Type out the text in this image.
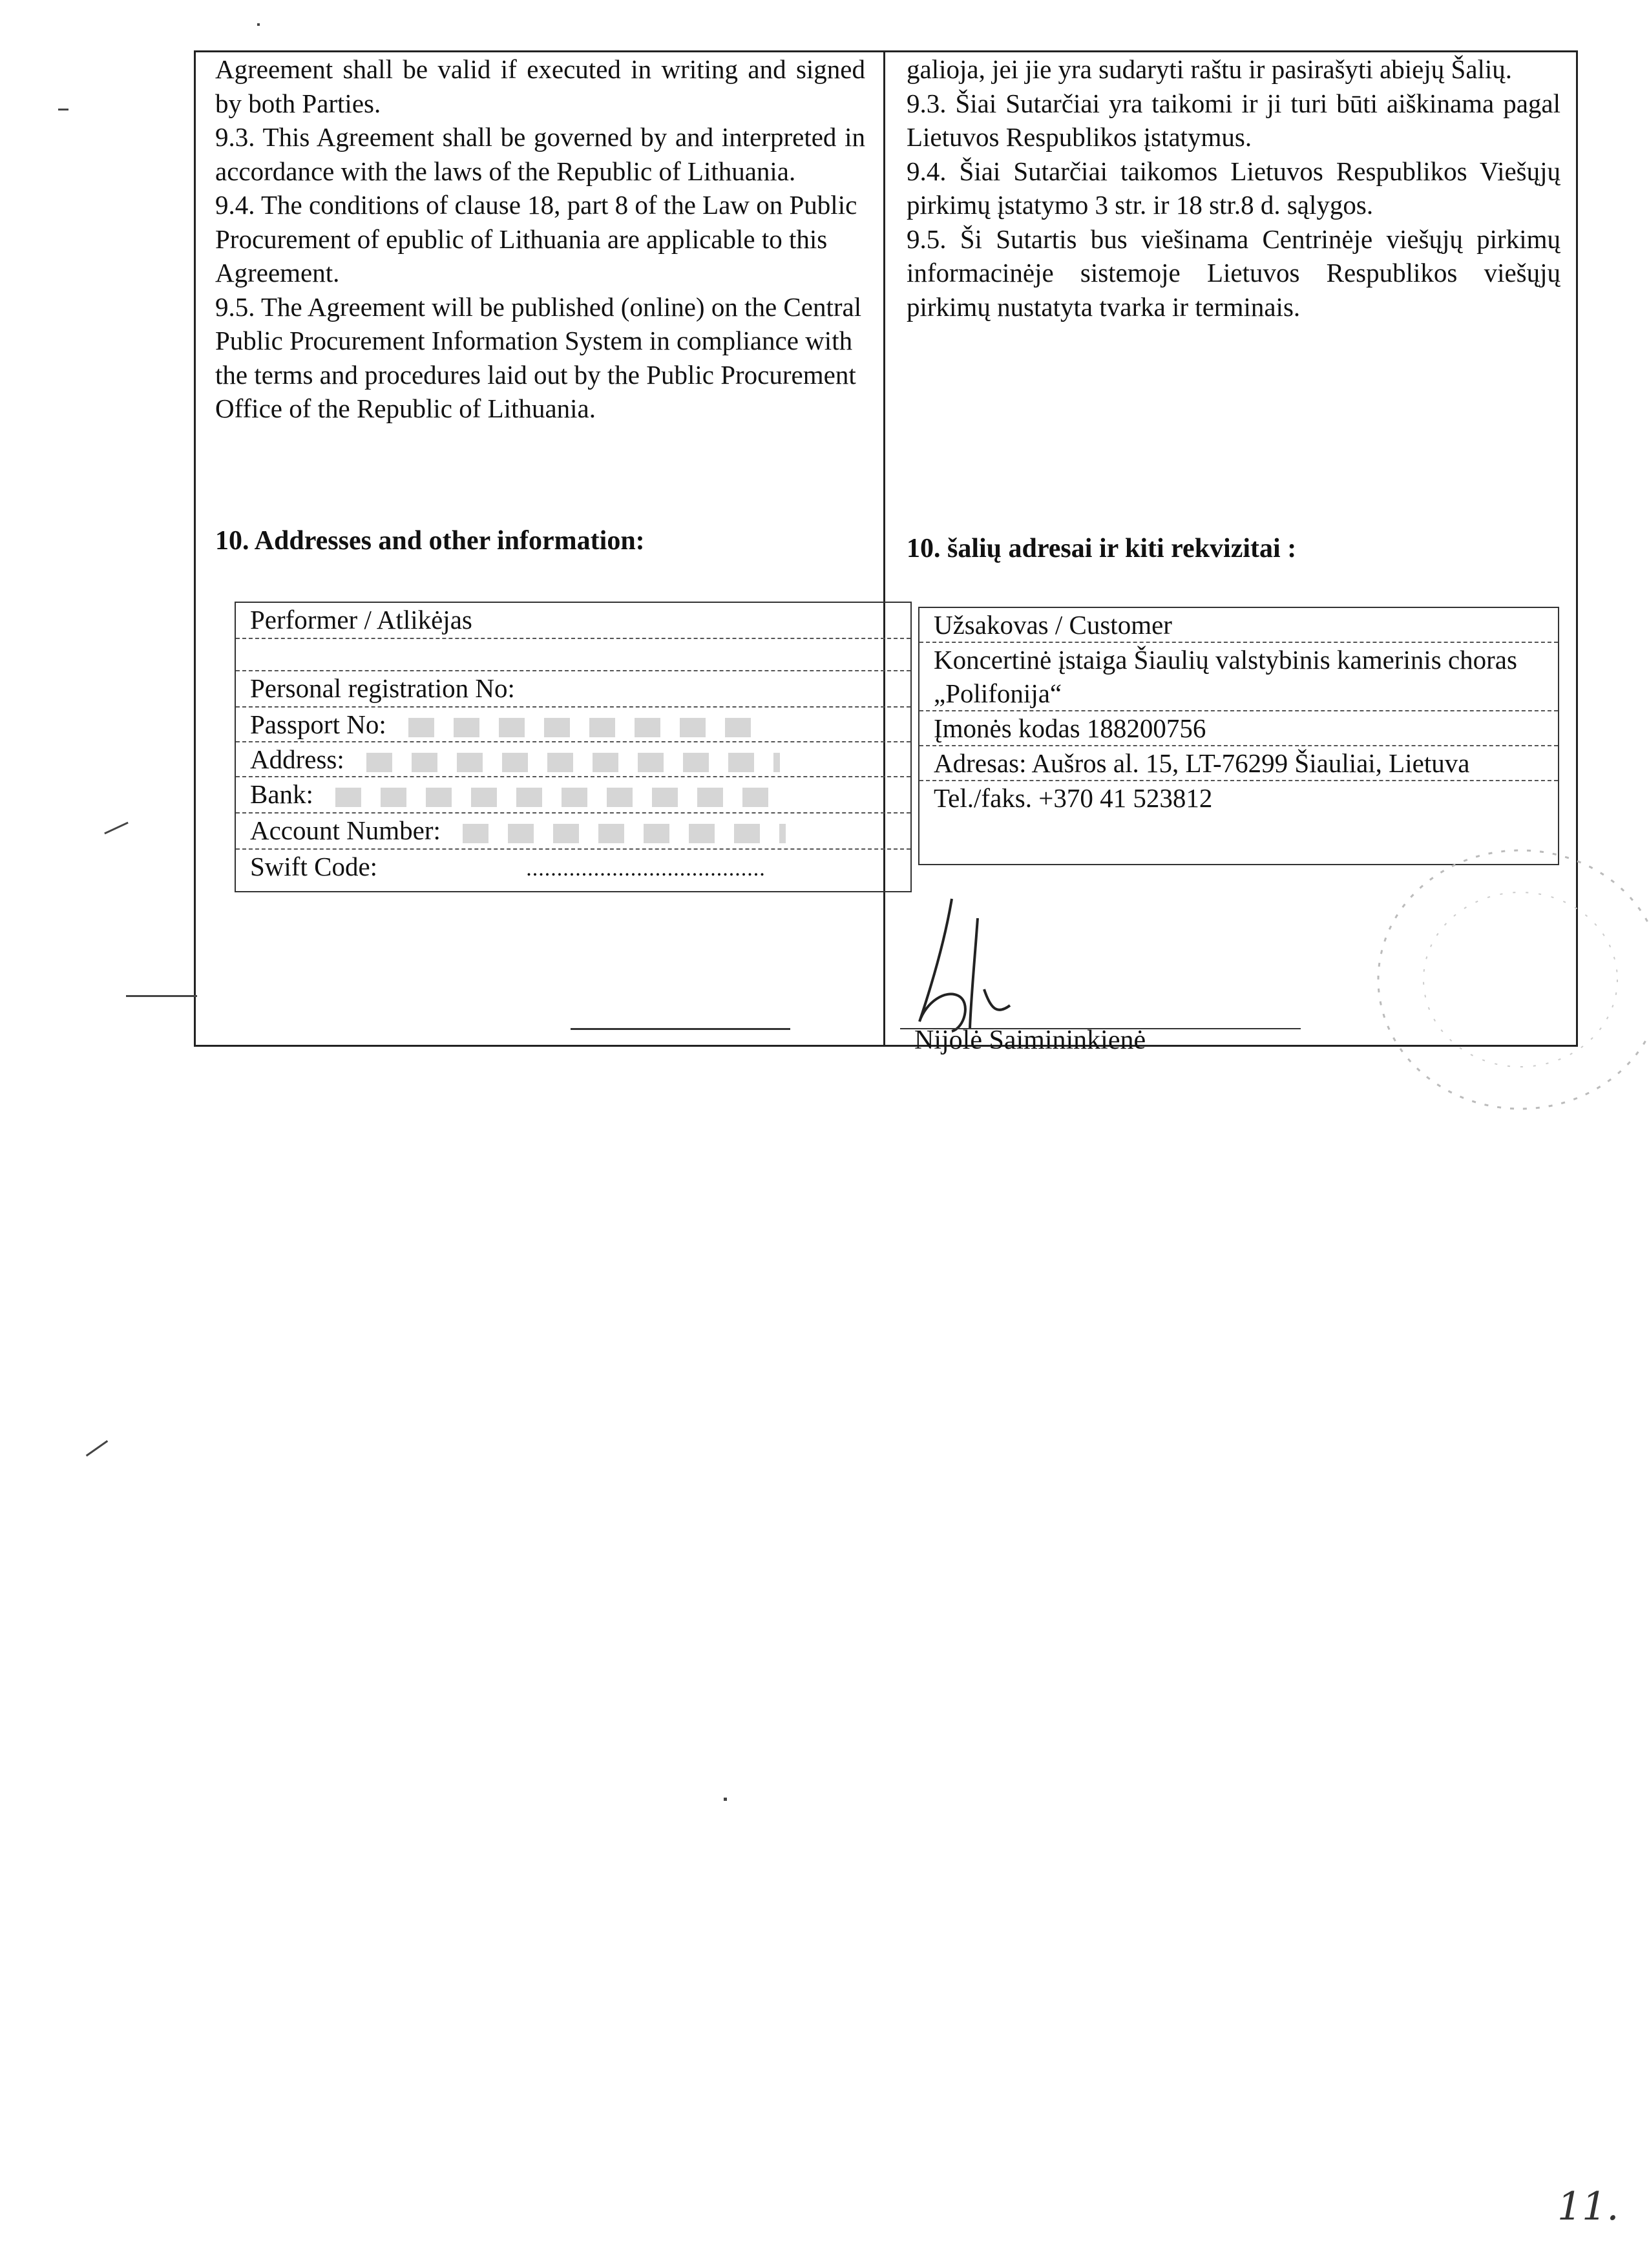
Agreement shall be valid if executed in writing and signed by both Parties.

9.3. This Agreement shall be governed by and interpreted in accordance with the laws of the Republic of Lithuania.

9.4. The conditions of clause 18, part 8 of the Law on Public Procurement of epublic of Lithuania are applicable to this Agreement.

9.5. The Agreement will be published (online) on the Central Public Procurement Information System in compliance with the terms and procedures laid out by the Public Procurement Office of the Republic of Lithuania.

10. Addresses and other information:
Performer / Atlikėjas
Personal registration No:
Passport No:
Address:
Bank:
Account Number:
Swift Code:	.......................................

galioja, jei jie yra sudaryti raštu ir pasirašyti abiejų Šalių.

9.3. Šiai Sutarčiai yra taikomi ir ji turi būti aiškinama pagal Lietuvos Respublikos įstatymus.

9.4. Šiai Sutarčiai taikomos Lietuvos Respublikos Viešųjų pirkimų įstatymo 3 str. ir 18 str.8 d. sąlygos.

9.5. Ši Sutartis bus viešinama Centrinėje viešųjų pirkimų informacinėje sistemoje Lietuvos Respublikos viešųjų pirkimų nustatyta tvarka ir terminais.

10. šalių adresai ir kiti rekvizitai :
Užsakovas / Customer
Koncertinė įstaiga Šiaulių valstybinis kamerinis choras „Polifonija“
Įmonės kodas 188200756
Adresas: Aušros al. 15, LT-76299 Šiauliai, Lietuva
Tel./faks. +370 41 523812
Nijolė Saimininkienė
11.
